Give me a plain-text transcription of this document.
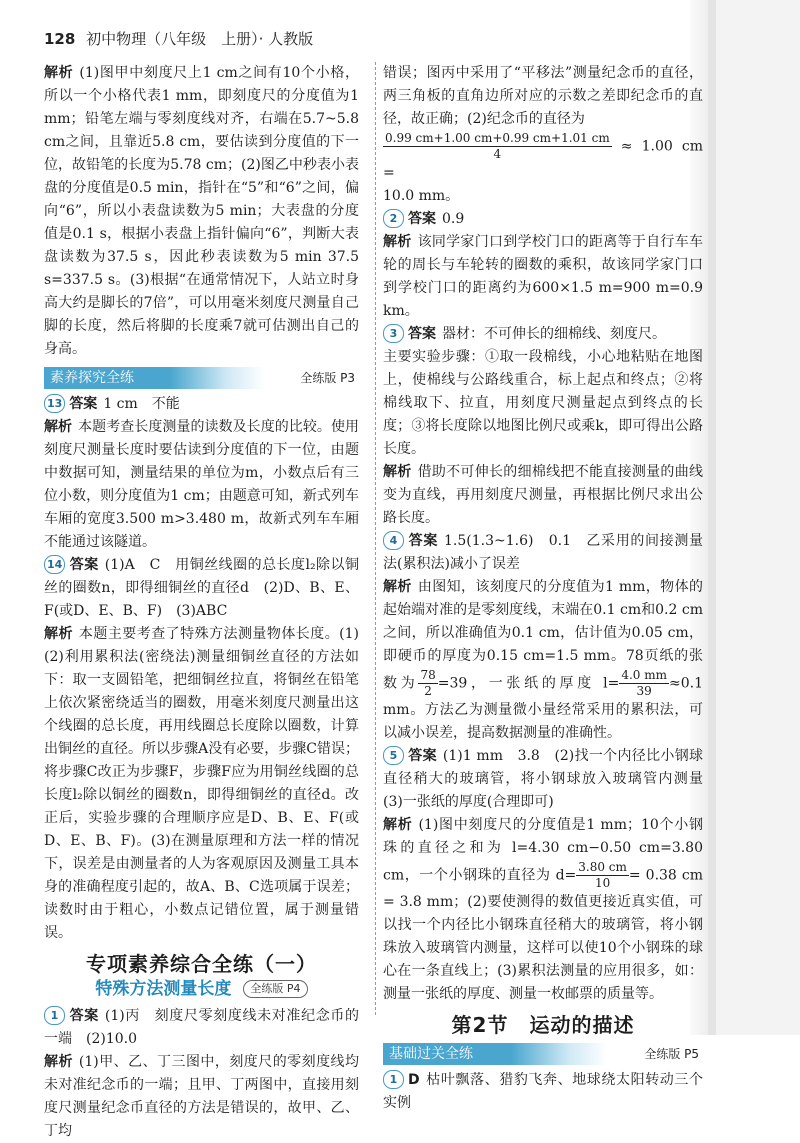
128 初中物理（八年级　上册）· 人教版

解析 (1)图甲中刻度尺上1 cm之间有10个小格，所以一个小格代表1 mm，即刻度尺的分度值为1 mm；铅笔左端与零刻度线对齐，右端在5.7~5.8 cm之间，且靠近5.8 cm，要估读到分度值的下一位，故铅笔的长度为5.78 cm；(2)图乙中秒表小表盘的分度值是0.5 min，指针在“5”和“6”之间，偏向“6”，所以小表盘读数为5 min；大表盘的分度值是0.1 s，根据小表盘上指针偏向“6”，判断大表盘读数为37.5 s，因此秒表读数为5 min 37.5 s=337.5 s。(3)根据“在通常情况下，人站立时身高大约是脚长的7倍”，可以用毫米刻度尺测量自己脚的长度，然后将脚的长度乘7就可估测出自己的身高。

素养探究全练	全练版 P3

13 答案 1 cm　不能

解析 本题考查长度测量的读数及长度的比较。使用刻度尺测量长度时要估读到分度值的下一位，由题中数据可知，测量结果的单位为m，小数点后有三位小数，则分度值为1 cm；由题意可知，新式列车车厢的宽度3.500 m>3.480 m，故新式列车车厢不能通过该隧道。

14 答案 (1)A　C　用铜丝线圈的总长度l₂除以铜丝的圈数n，即得细铜丝的直径d　(2)D、B、E、F(或D、E、B、F)　(3)ABC

解析 本题主要考查了特殊方法测量物体长度。(1)(2)利用累积法(密绕法)测量细铜丝直径的方法如下：取一支圆铅笔，把细铜丝拉直，将铜丝在铅笔上依次紧密绕适当的圈数，用毫米刻度尺测量出这个线圈的总长度，再用线圈总长度除以圈数，计算出铜丝的直径。所以步骤A没有必要，步骤C错误；将步骤C改正为步骤F，步骤F应为用铜丝线圈的总长度l₂除以铜丝的圈数n，即得细铜丝的直径d。改正后，实验步骤的合理顺序应是D、B、E、F(或D、E、B、F)。(3)在测量原理和方法一样的情况下，误差是由测量者的人为客观原因及测量工具本身的准确程度引起的，故A、B、C选项属于误差；读数时由于粗心，小数点记错位置，属于测量错误。

专项素养综合全练（一）
特殊方法测量长度 全练版 P4

1 答案 (1)丙　刻度尺零刻度线未对准纪念币的一端　(2)10.0

解析 (1)甲、乙、丁三图中，刻度尺的零刻度线均未对准纪念币的一端；且甲、丁两图中，直接用刻度尺测量纪念币直径的方法是错误的，故甲、乙、丁均

错误；图丙中采用了“平移法”测量纪念币的直径，两三角板的直角边所对应的示数之差即纪念币的直径，故正确；(2)纪念币的直径为

$\frac{0.99 cm+1.00 cm+0.99 cm+1.01 cm}{4} \approx 1.00$ cm =

10.0 mm。

2 答案 0.9

解析 该同学家门口到学校门口的距离等于自行车车轮的周长与车轮转的圈数的乘积，故该同学家门口到学校门口的距离约为600×1.5 m=900 m=0.9 km。

3 答案 器材：不可伸长的细棉线、刻度尺。

主要实验步骤：①取一段棉线，小心地粘贴在地图上，使棉线与公路线重合，标上起点和终点；②将棉线取下、拉直，用刻度尺测量起点到终点的长度；③将长度除以地图比例尺或乘k，即可得出公路长度。

解析 借助不可伸长的细棉线把不能直接测量的曲线变为直线，再用刻度尺测量，再根据比例尺求出公路长度。

4 答案 1.5(1.3~1.6)　0.1　乙采用的间接测量法(累积法)减小了误差

解析 由图知，该刻度尺的分度值为1 mm，物体的起始端对准的是零刻度线，末端在0.1 cm和0.2 cm之间，所以准确值为0.1 cm，估计值为0.05 cm，即硬币的厚度为0.15 cm=1.5 mm。78页纸的张数为 $\frac{78}{2} =39$，一张纸的厚度 $l= \frac{4.0 mm}{39} \approx 0.1$ mm。方法乙为测量微小量经常采用的累积法，可以减小误差，提高数据测量的准确性。

5 答案 (1)1 mm　3.8　(2)找一个内径比小钢球直径稍大的玻璃管，将小钢球放入玻璃管内测量　(3)一张纸的厚度(合理即可)

解析 (1)图中刻度尺的分度值是1 mm；10个小钢珠的直径之和为 l=4.30 cm−0.50 cm=3.80 cm，一个小钢珠的直径为 $d= \frac{3.80 cm}{10} = 0.38$ cm = 3.8 mm；(2)要使测得的数值更接近真实值，可以找一个内径比小钢珠直径稍大的玻璃管，将小钢珠放入玻璃管内测量，这样可以使10个小钢珠的球心在一条直线上；(3)累积法测量的应用很多，如：测量一张纸的厚度、测量一枚邮票的质量等。

第2节　运动的描述
基础过关全练	全练版 P5

1 D 枯叶飘落、猎豹飞奔、地球绕太阳转动三个实例
